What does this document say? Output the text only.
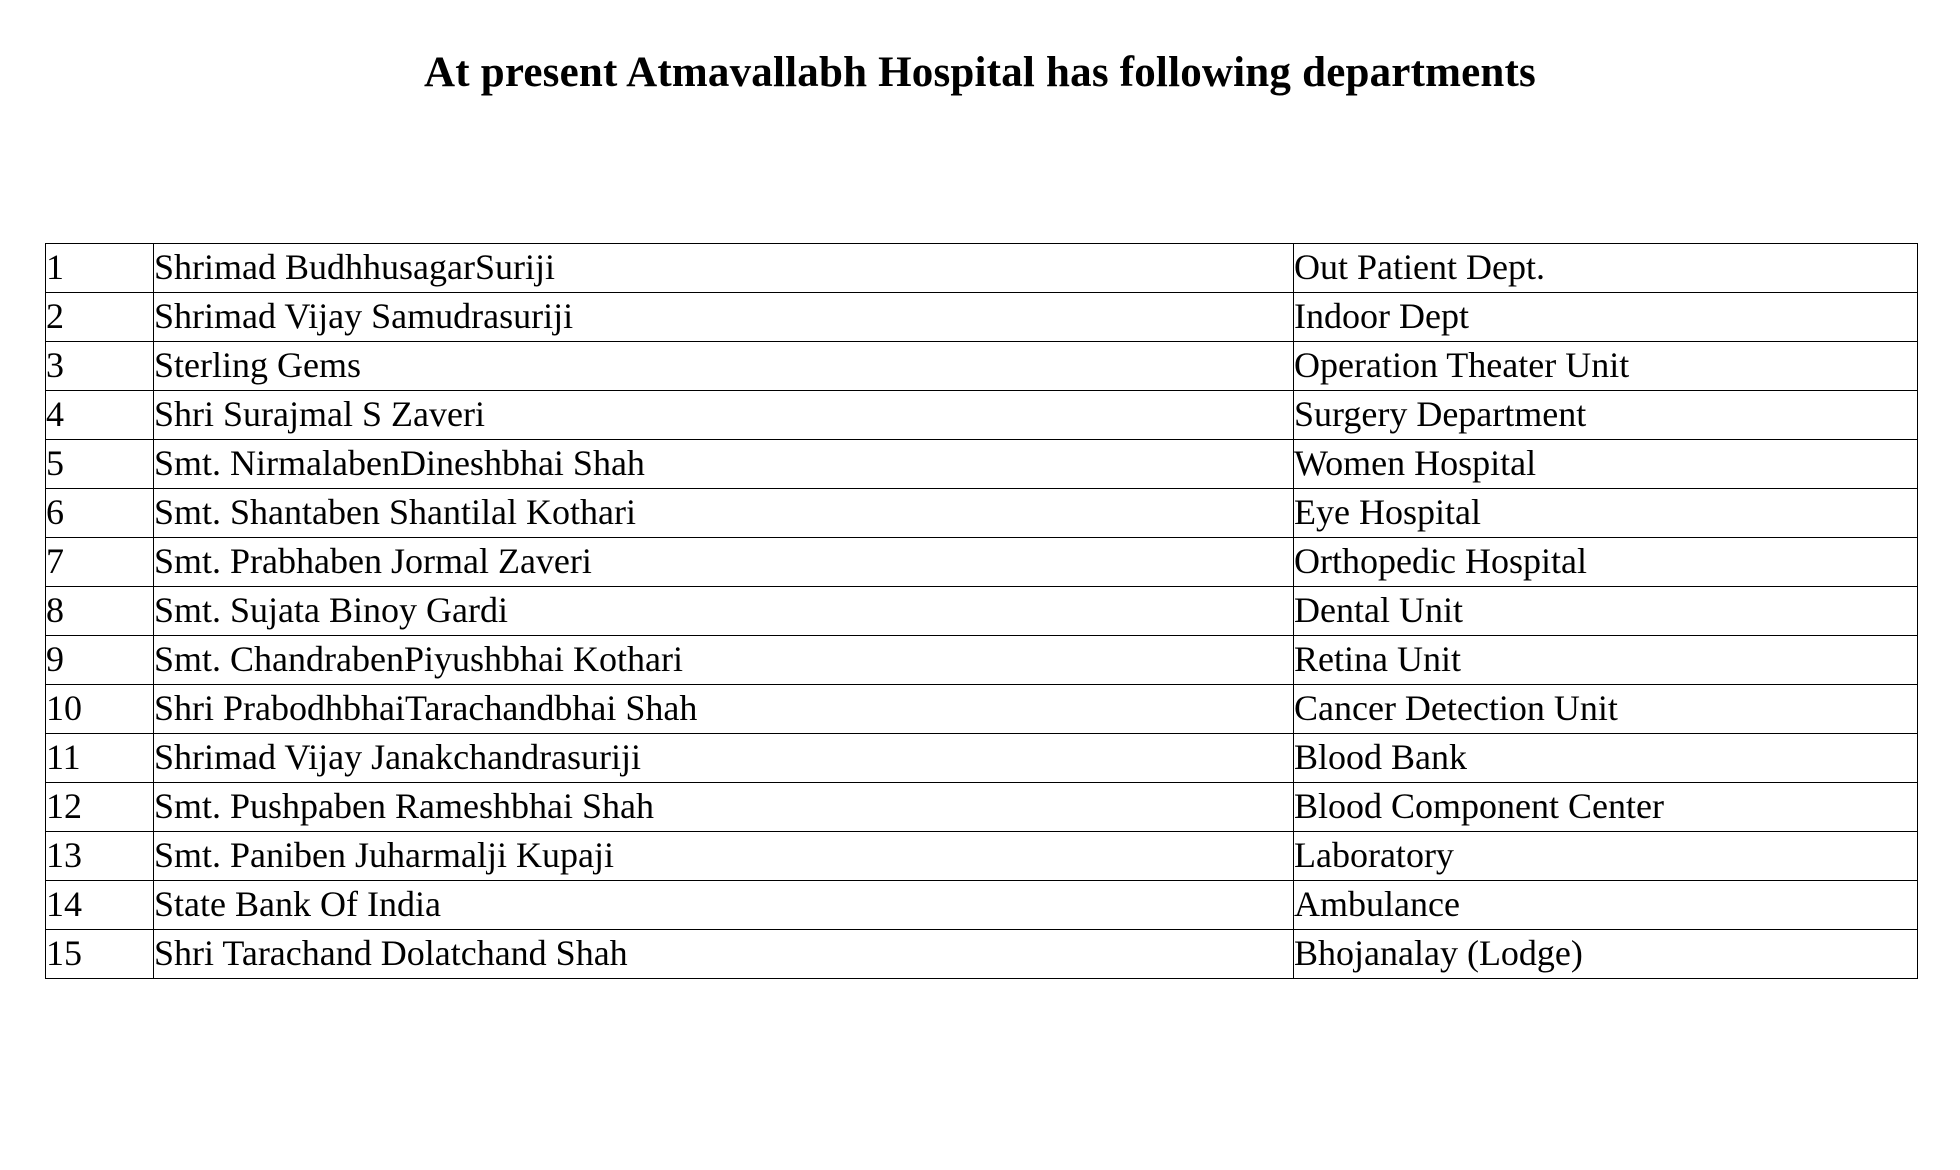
At present Atmavallabh Hospital has following departments
1	Shrimad BudhhusagarSuriji	Out Patient Dept.
2	Shrimad Vijay Samudrasuriji	Indoor Dept
3	Sterling Gems	Operation Theater Unit
4	Shri Surajmal S Zaveri	Surgery Department
5	Smt. NirmalabenDineshbhai Shah	Women Hospital
6	Smt. Shantaben Shantilal Kothari	Eye Hospital
7	Smt. Prabhaben Jormal Zaveri	Orthopedic Hospital
8	Smt. Sujata Binoy Gardi	Dental Unit
9	Smt. ChandrabenPiyushbhai Kothari	Retina Unit
10	Shri PrabodhbhaiTarachandbhai Shah	Cancer Detection Unit
11	Shrimad Vijay Janakchandrasuriji	Blood Bank
12	Smt. Pushpaben Rameshbhai Shah	Blood Component Center
13	Smt. Paniben Juharmalji Kupaji	Laboratory
14	State Bank Of India	Ambulance
15	Shri Tarachand Dolatchand Shah	Bhojanalay (Lodge)
